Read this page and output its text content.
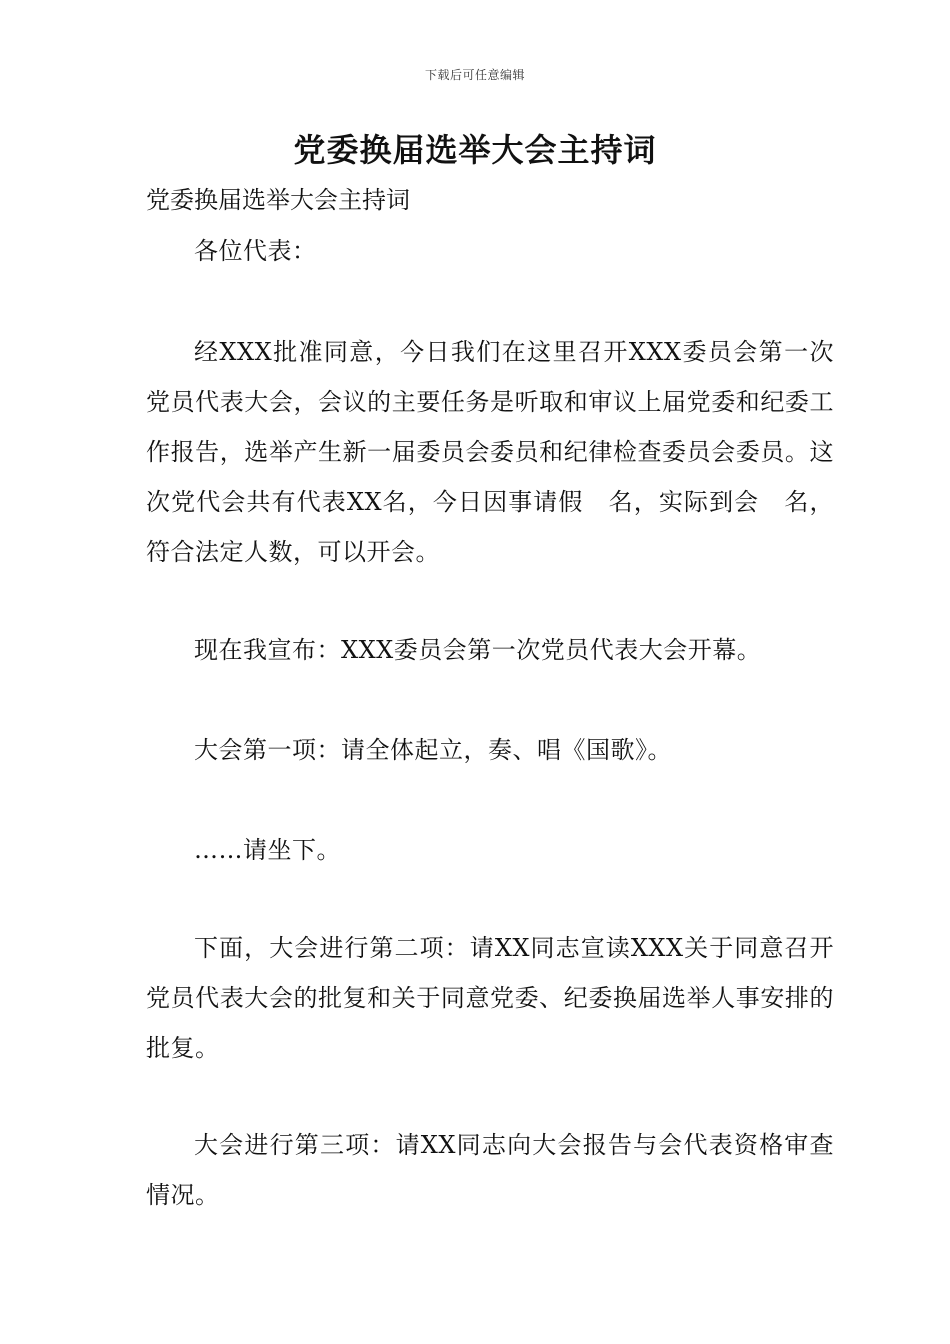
下载后可任意编辑
党委换届选举大会主持词

党委换届选举大会主持词

各位代表：

经XXX批准同意，今日我们在这里召开XXX委员会第一次党员代表大会，会议的主要任务是听取和审议上届党委和纪委工作报告，选举产生新一届委员会委员和纪律检查委员会委员。这次党代会共有代表XX名，今日因事请假　名，实际到会　名，符合法定人数，可以开会。

现在我宣布：XXX委员会第一次党员代表大会开幕。

大会第一项：请全体起立，奏、唱《国歌》。

……请坐下。

下面，大会进行第二项：请XX同志宣读XXX关于同意召开党员代表大会的批复和关于同意党委、纪委换届选举人事安排的批复。

大会进行第三项：请XX同志向大会报告与会代表资格审查情况。
